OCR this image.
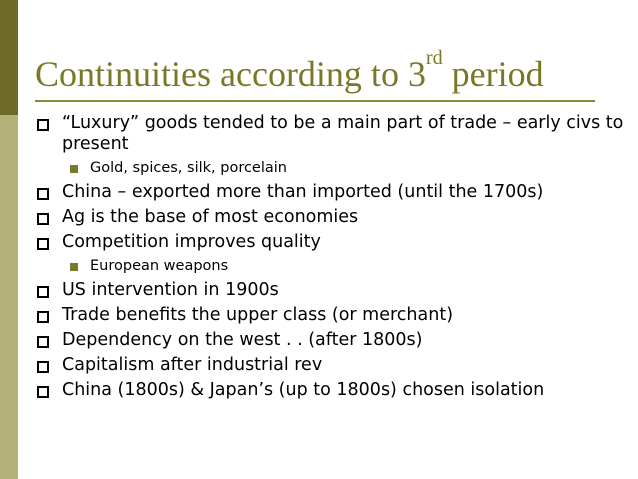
Continuities according to 3rd period
“Luxury” goods tended to be a main part of trade – early civs to present
Gold, spices, silk, porcelain
China – exported more than imported (until the 1700s)
Ag is the base of most economies
Competition improves quality
European weapons
US intervention in 1900s
Trade benefits the upper class (or merchant)
Dependency on the west . . (after 1800s)
Capitalism after industrial rev
China (1800s) & Japan’s (up to 1800s) chosen isolation
